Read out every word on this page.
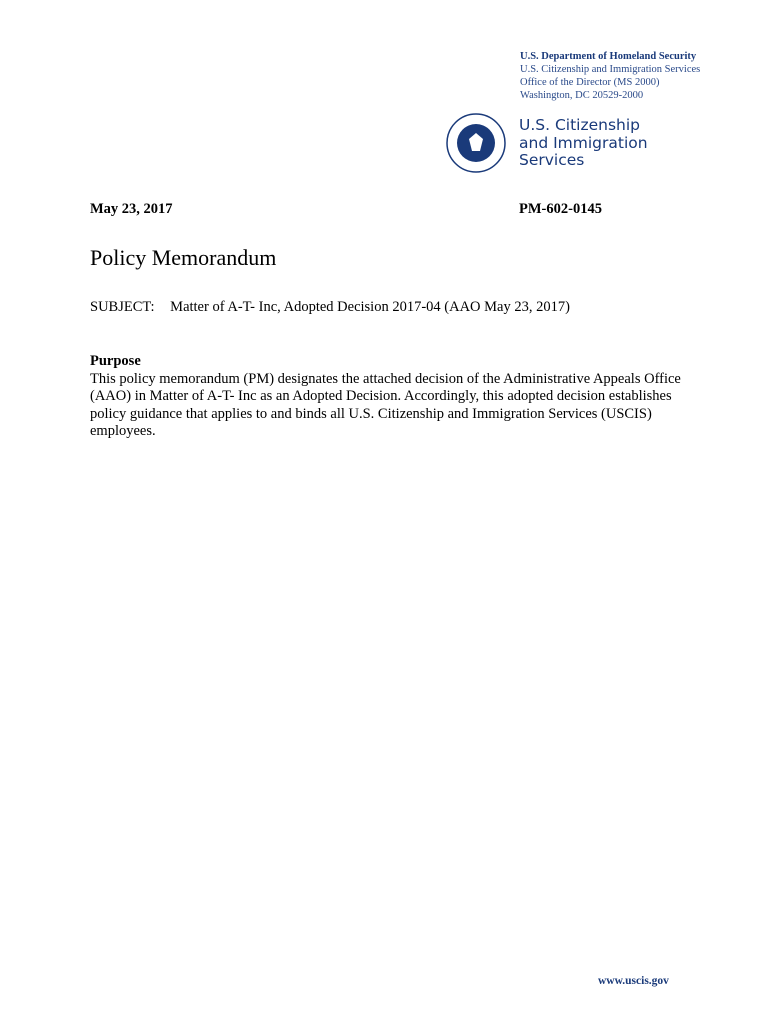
U.S. Department of Homeland Security
U.S. Citizenship and Immigration Services
Office of the Director (MS 2000)
Washington, DC 20529-2000
U.S. Citizenship
and Immigration
Services
May 23, 2017	PM-602-0145
Policy Memorandum
SUBJECT: Matter of A-T- Inc, Adopted Decision 2017-04 (AAO May 23, 2017)

Purpose
This policy memorandum (PM) designates the attached decision of the Administrative Appeals Office (AAO) in Matter of A-T- Inc as an Adopted Decision. Accordingly, this adopted decision establishes policy guidance that applies to and binds all U.S. Citizenship and Immigration Services (USCIS) employees.

www.uscis.gov
